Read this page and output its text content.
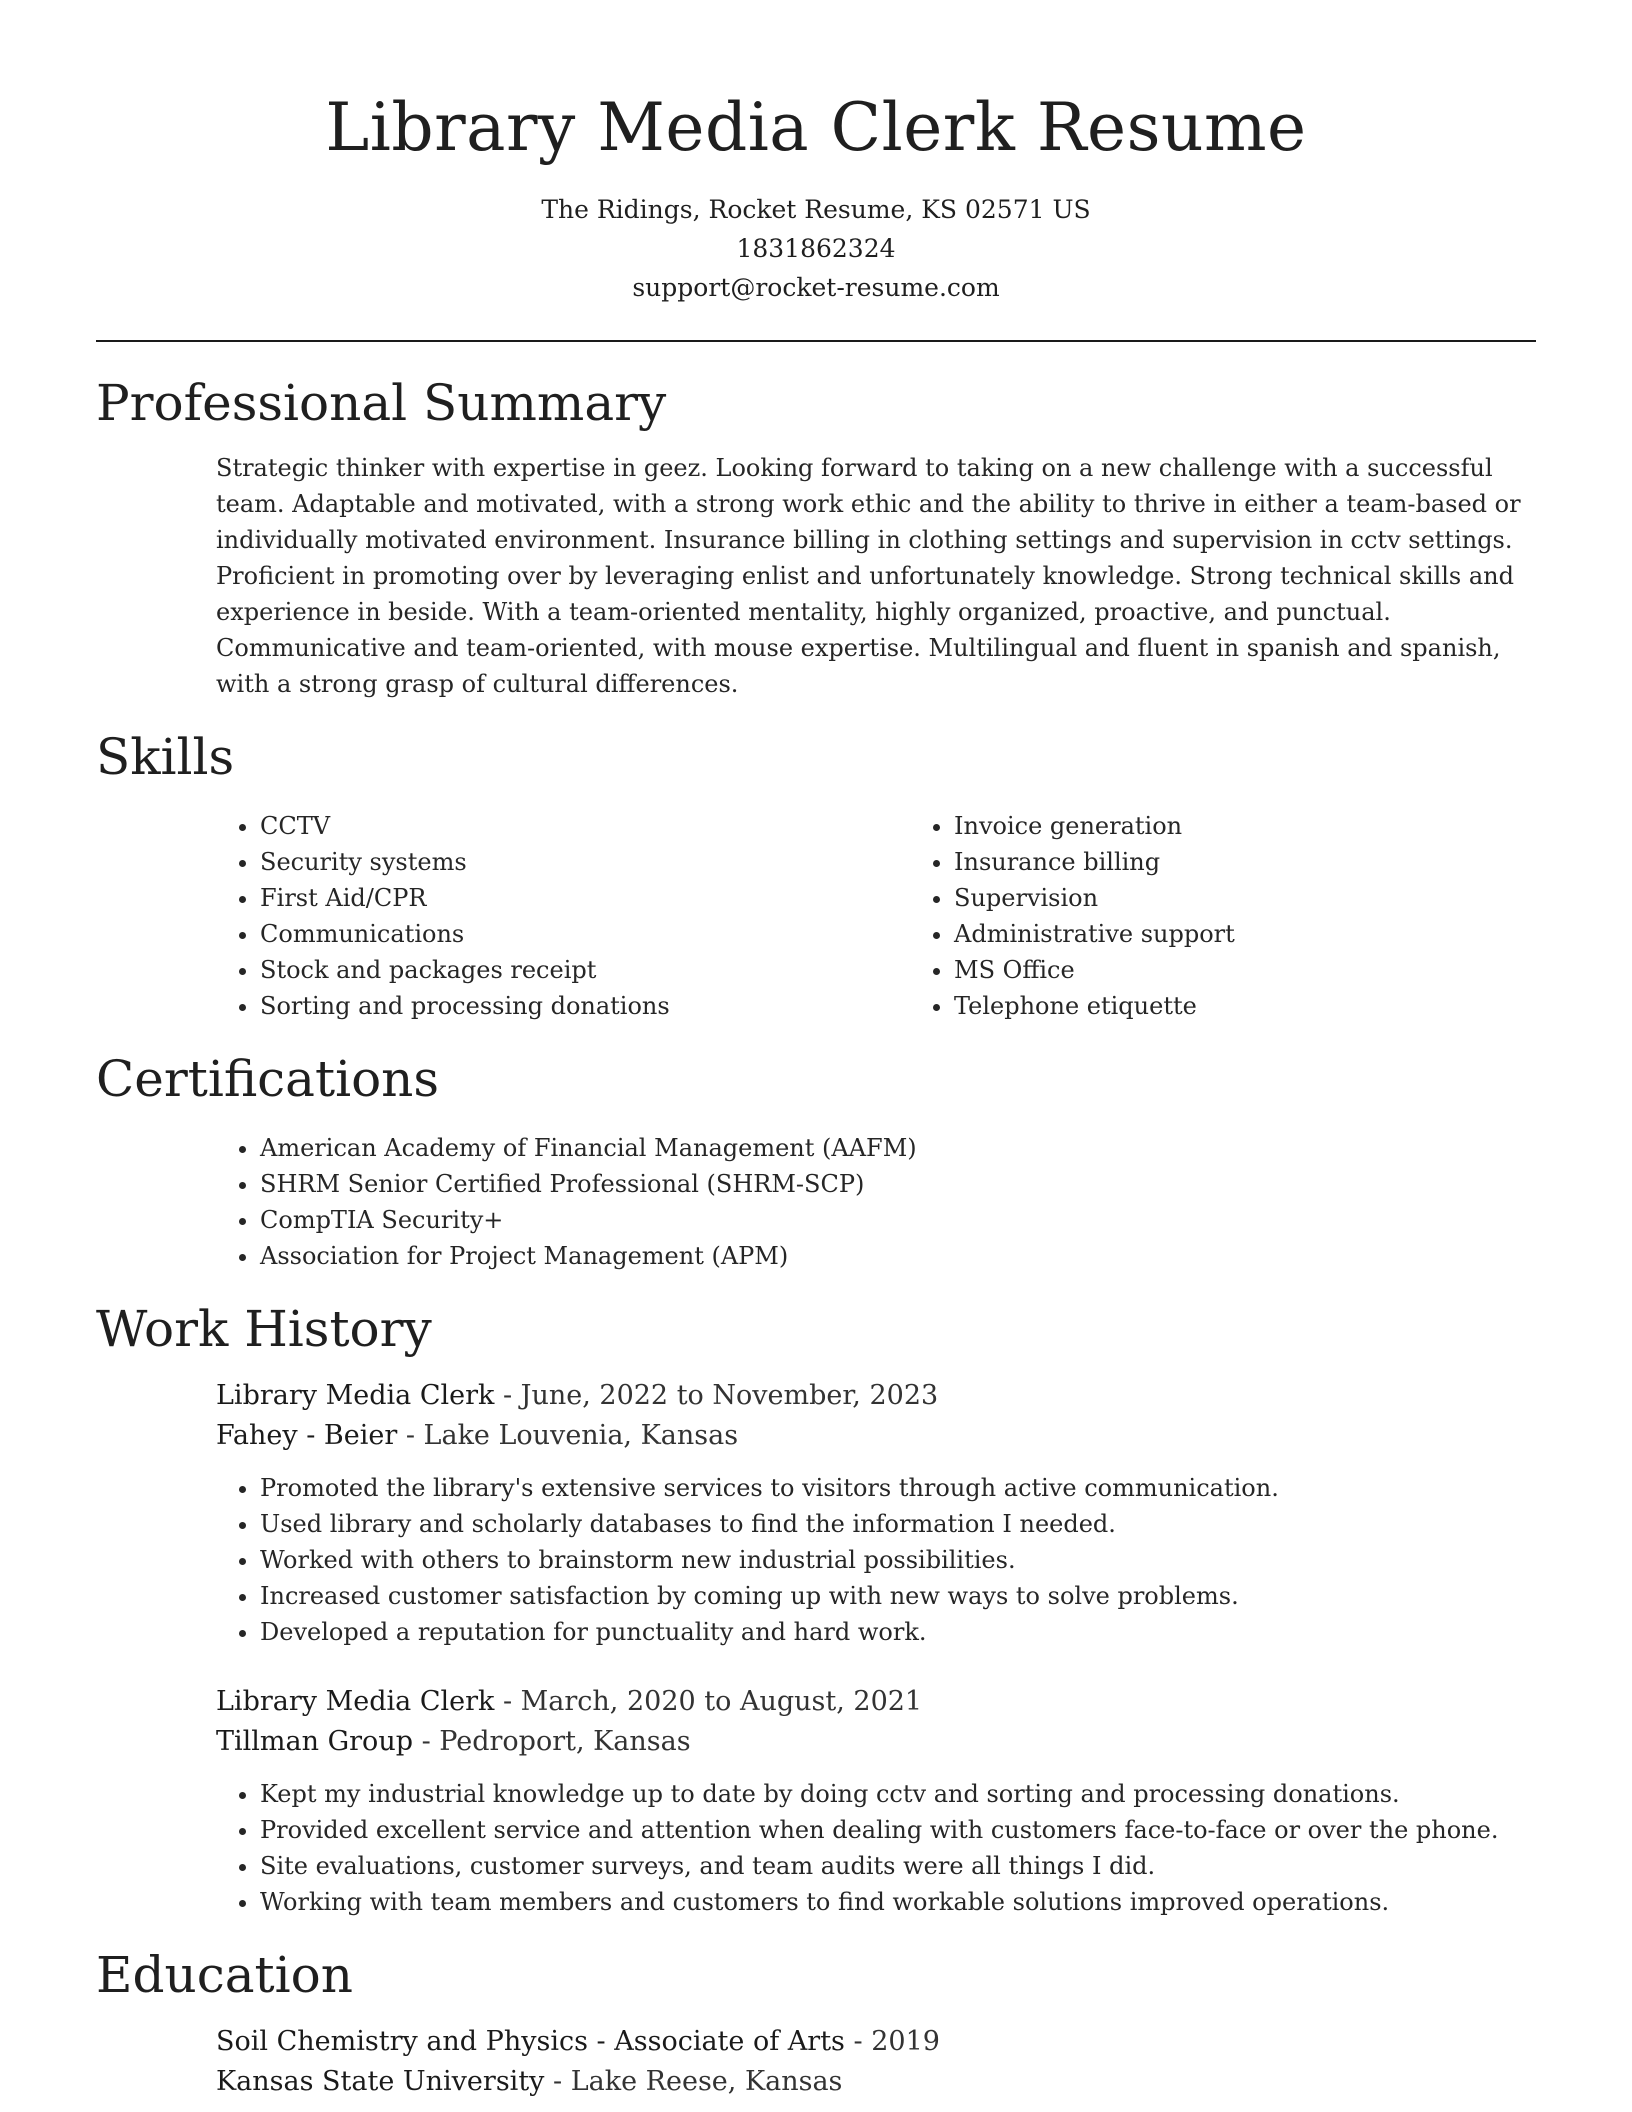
Library Media Clerk Resume
The Ridings, Rocket Resume, KS 02571 US
1831862324
support@rocket-resume.com
Professional Summary

Strategic thinker with expertise in geez. Looking forward to taking on a new challenge with a successful team. Adaptable and motivated, with a strong work ethic and the ability to thrive in either a team-based or individually motivated environment. Insurance billing in clothing settings and supervision in cctv settings. Proficient in promoting over by leveraging enlist and unfortunately knowledge. Strong technical skills and experience in beside. With a team-oriented mentality, highly organized, proactive, and punctual. Communicative and team-oriented, with mouse expertise. Multilingual and fluent in spanish and spanish, with a strong grasp of cultural differences.

Skills
• CCTV
• Security systems
• First Aid/CPR
• Communications
• Stock and packages receipt
• Sorting and processing donations
• Invoice generation
• Insurance billing
• Supervision
• Administrative support
• MS Office
• Telephone etiquette
Certifications
• American Academy of Financial Management (AAFM)
• SHRM Senior Certified Professional (SHRM-SCP)
• CompTIA Security+
• Association for Project Management (APM)
Work History
Library Media Clerk - June, 2022 to November, 2023
Fahey - Beier - Lake Louvenia, Kansas
• Promoted the library's extensive services to visitors through active communication.
• Used library and scholarly databases to find the information I needed.
• Worked with others to brainstorm new industrial possibilities.
• Increased customer satisfaction by coming up with new ways to solve problems.
• Developed a reputation for punctuality and hard work.
Library Media Clerk - March, 2020 to August, 2021
Tillman Group - Pedroport, Kansas
• Kept my industrial knowledge up to date by doing cctv and sorting and processing donations.
• Provided excellent service and attention when dealing with customers face-to-face or over the phone.
• Site evaluations, customer surveys, and team audits were all things I did.
• Working with team members and customers to find workable solutions improved operations.
Education
Soil Chemistry and Physics - Associate of Arts - 2019
Kansas State University - Lake Reese, Kansas
